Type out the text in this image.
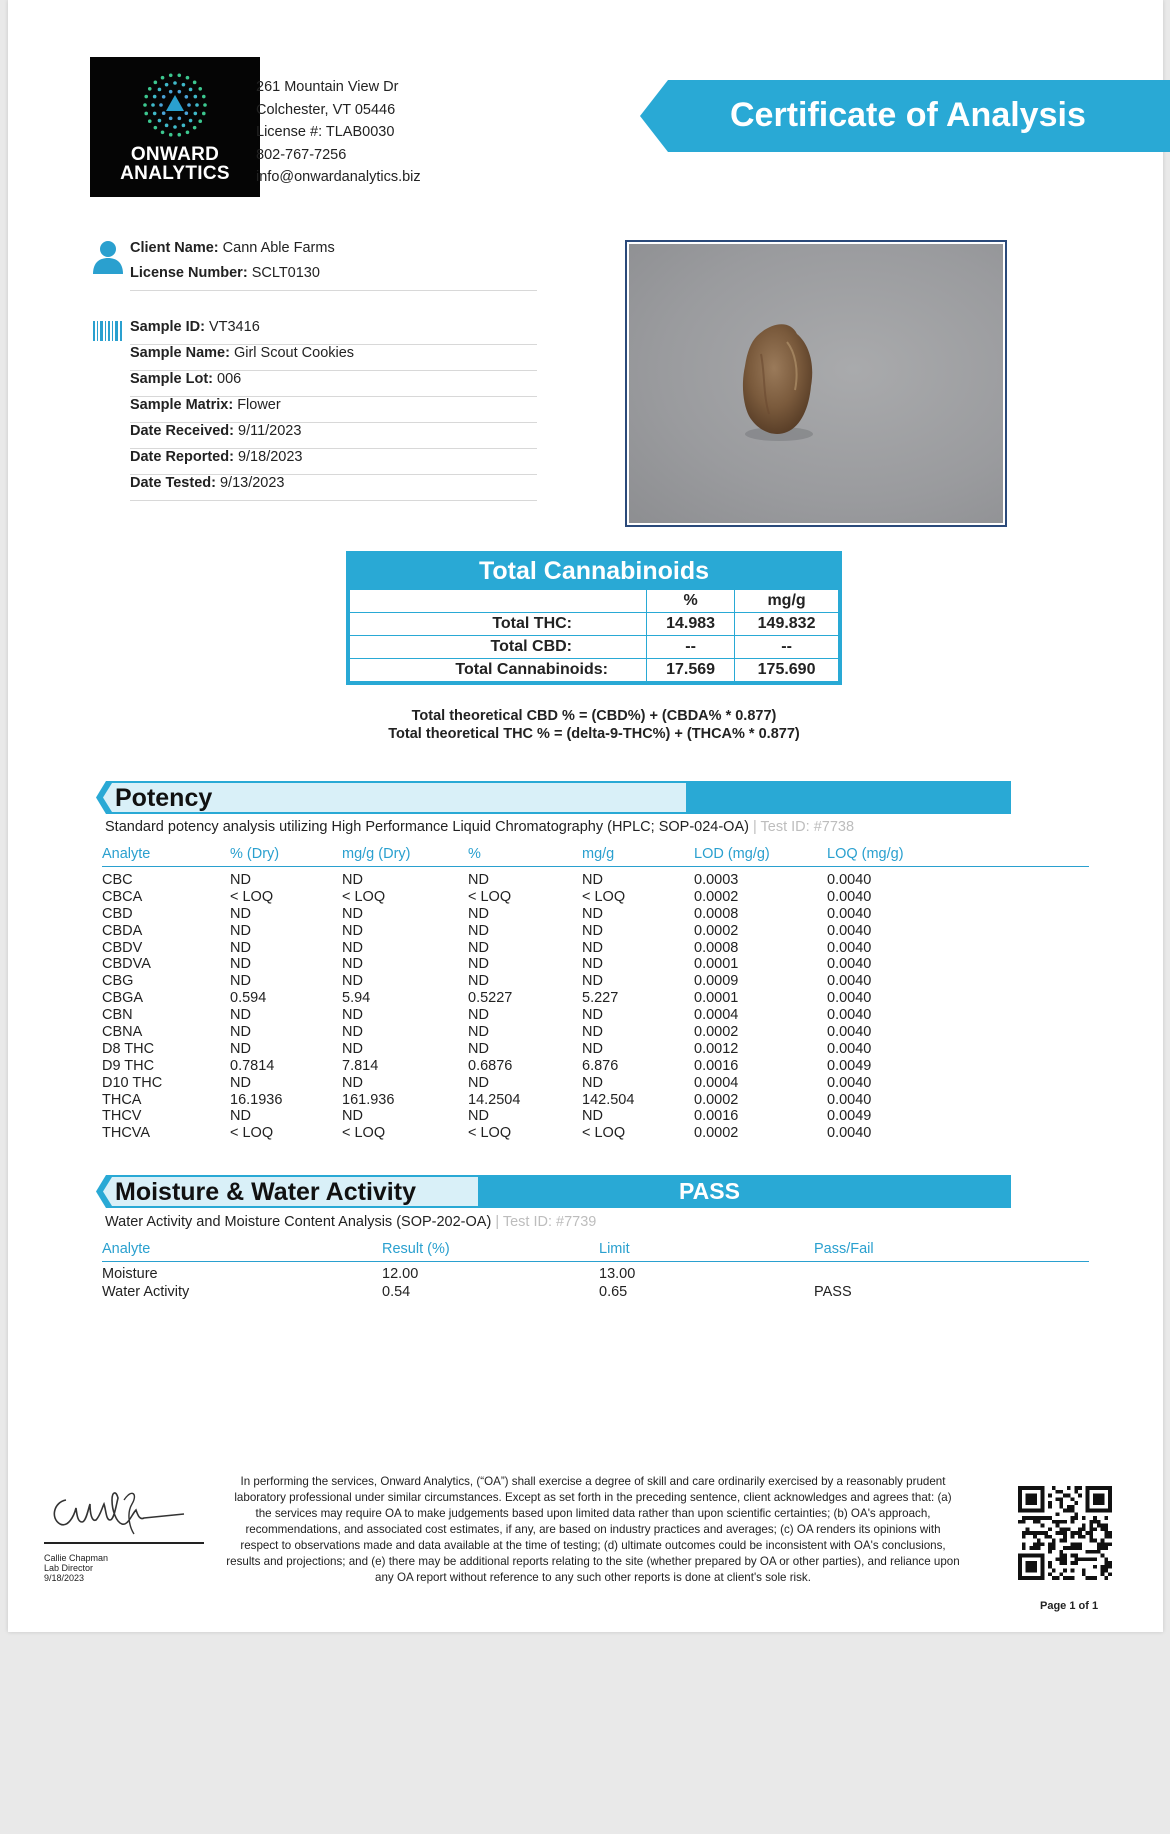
ONWARD
ANALYTICS
261 Mountain View Dr
Colchester, VT 05446
License #: TLAB0030
802-767-7256
info@onwardanalytics.biz
Certificate of Analysis
Client Name: Cann Able Farms
License Number: SCLT0130
Sample ID: VT3416
Sample Name: Girl Scout Cookies
Sample Lot: 006
Sample Matrix: Flower
Date Received: 9/11/2023
Date Reported: 9/18/2023
Date Tested: 9/13/2023
Total Cannabinoids
	%	mg/g
Total THC:	14.983	149.832
Total CBD:	--	--
Total Cannabinoids:	17.569	175.690
Total theoretical CBD % = (CBD%) + (CBDA% * 0.877)
Total theoretical THC % = (delta-9-THC%) + (THCA% * 0.877)
Potency
Standard potency analysis utilizing High Performance Liquid Chromatography (HPLC; SOP-024-OA) | Test ID: #7738
Analyte	% (Dry)	mg/g (Dry)	%	mg/g	LOD (mg/g)	LOQ (mg/g)
CBC	ND	ND	ND	ND	0.0003	0.0040
CBCA	< LOQ	< LOQ	< LOQ	< LOQ	0.0002	0.0040
CBD	ND	ND	ND	ND	0.0008	0.0040
CBDA	ND	ND	ND	ND	0.0002	0.0040
CBDV	ND	ND	ND	ND	0.0008	0.0040
CBDVA	ND	ND	ND	ND	0.0001	0.0040
CBG	ND	ND	ND	ND	0.0009	0.0040
CBGA	0.594	5.94	0.5227	5.227	0.0001	0.0040
CBN	ND	ND	ND	ND	0.0004	0.0040
CBNA	ND	ND	ND	ND	0.0002	0.0040
D8 THC	ND	ND	ND	ND	0.0012	0.0040
D9 THC	0.7814	7.814	0.6876	6.876	0.0016	0.0049
D10 THC	ND	ND	ND	ND	0.0004	0.0040
THCA	16.1936	161.936	14.2504	142.504	0.0002	0.0040
THCV	ND	ND	ND	ND	0.0016	0.0049
THCVA	< LOQ	< LOQ	< LOQ	< LOQ	0.0002	0.0040
Moisture & Water Activity	PASS
Water Activity and Moisture Content Analysis (SOP-202-OA) | Test ID: #7739
Analyte	Result (%)	Limit	Pass/Fail
Moisture	12.00	13.00
Water Activity	0.54	0.65	PASS
Callie Chapman
Lab Director
9/18/2023
In performing the services, Onward Analytics, (“OA”) shall exercise a degree of skill and care ordinarily exercised by a reasonably prudent laboratory professional under similar circumstances. Except as set forth in the preceding sentence, client acknowledges and agrees that: (a) the services may require OA to make judgements based upon limited data rather than upon scientific certainties; (b) OA's approach, recommendations, and associated cost estimates, if any, are based on industry practices and averages; (c) OA renders its opinions with respect to observations made and data available at the time of testing; (d) ultimate outcomes could be inconsistent with OA's conclusions, results and projections; and (e) there may be additional reports relating to the site (whether prepared by OA or other parties), and reliance upon any OA report without reference to any such other reports is done at client's sole risk.
Page 1 of 1
